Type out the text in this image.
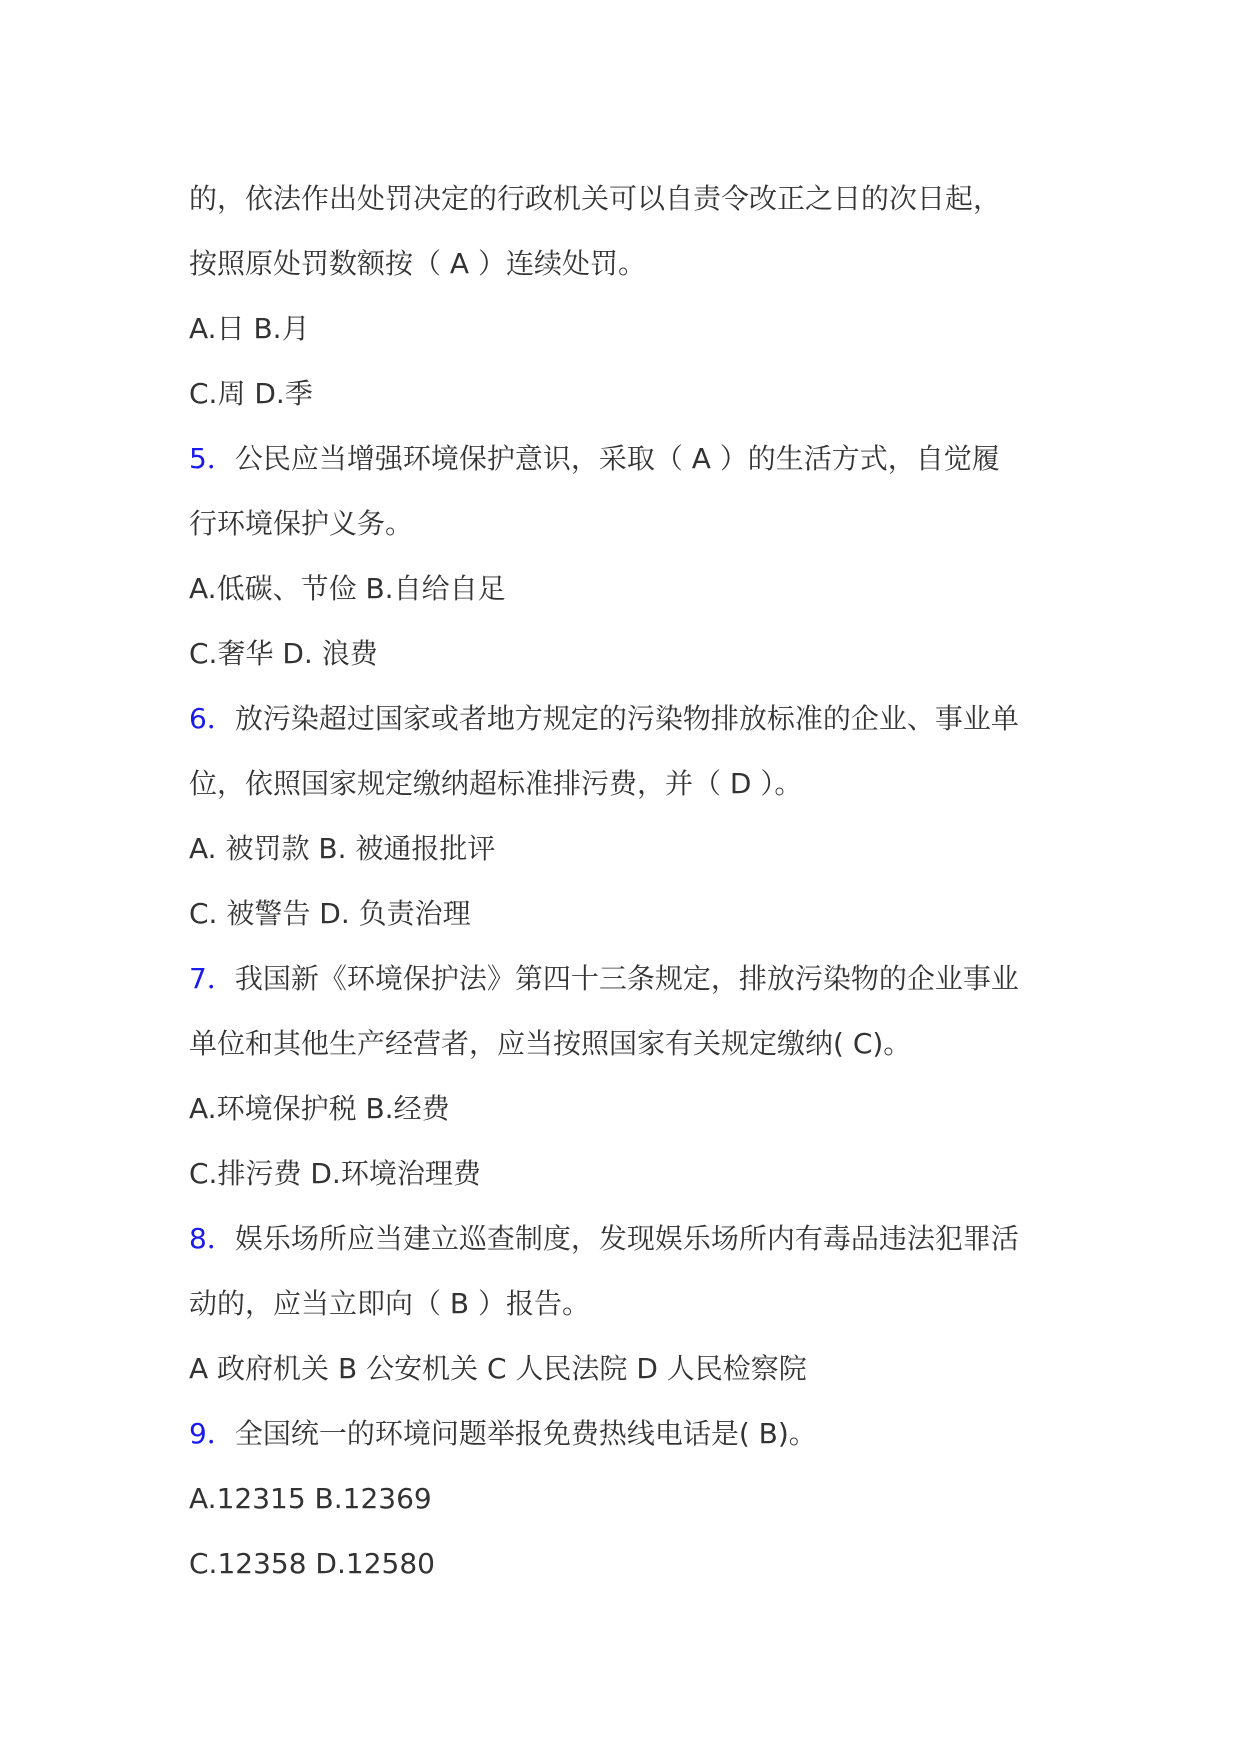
的，依法作出处罚决定的行政机关可以自责令改正之日的次日起，
按照原处罚数额按（ A ）连续处罚。
A.日 B.月
C.周 D.季
5．公民应当增强环境保护意识，采取（ A ）的生活方式，自觉履
行环境保护义务。
A.低碳、节俭 B.自给自足
C.奢华 D. 浪费
6．放污染超过国家或者地方规定的污染物排放标准的企业、事业单
位，依照国家规定缴纳超标准排污费，并（ D ）。
A. 被罚款 B. 被通报批评
C. 被警告 D. 负责治理
7．我国新《环境保护法》第四十三条规定，排放污染物的企业事业
单位和其他生产经营者，应当按照国家有关规定缴纳( C)。
A.环境保护税 B.经费
C.排污费 D.环境治理费
8．娱乐场所应当建立巡查制度，发现娱乐场所内有毒品违法犯罪活
动的，应当立即向（ B ）报告。
A 政府机关 B 公安机关 C 人民法院 D 人民检察院
9．全国统一的环境问题举报免费热线电话是( B)。
A.12315 B.12369
C.12358 D.12580
